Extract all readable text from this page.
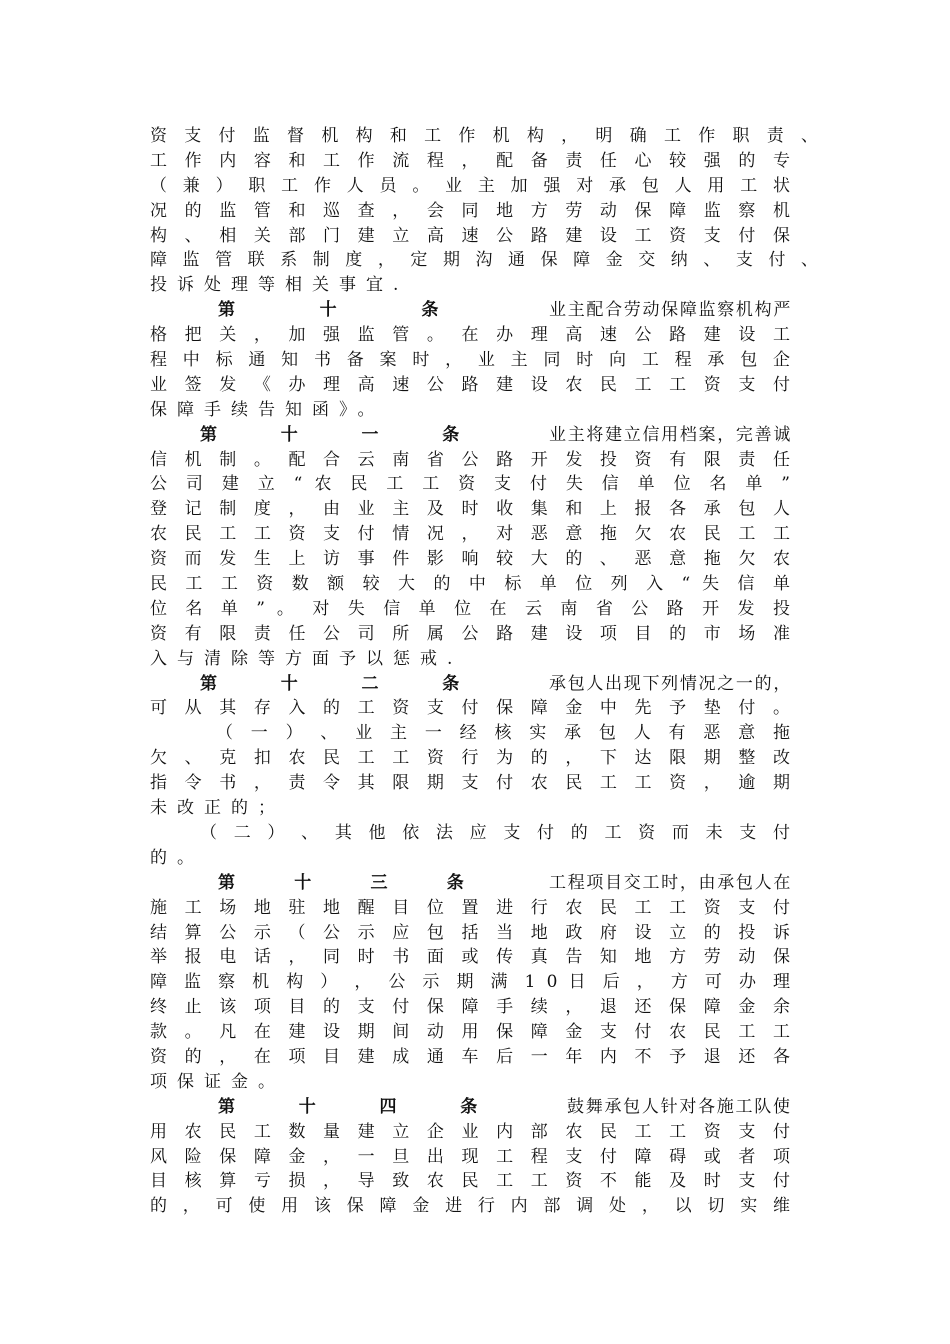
资 支 付 监 督 机 构 和 工 作 机 构 ， 明 确 工 作 职 责 、
工 作 内 容 和 工 作 流 程 ， 配 备 责 任 心 较 强 的 专
（ 兼 ） 职 工 作 人 员 。 业 主 加 强 对 承 包 人 用 工 状
况 的 监 管 和 巡 查 ， 会 同 地 方 劳 动 保 障 监 察 机
构 、 相 关 部 门 建 立 高 速 公 路 建 设 工 资 支 付 保
障 监 管 联 系 制 度 ， 定 期 沟 通 保 障 金 交 纳 、 支 付 、
投诉处理等相关事宜.
第十条 业 主 配 合 劳 动 保 障 监 察 机 构 严
格 把 关 ， 加 强 监 管 。 在 办 理 高 速 公 路 建 设 工
程 中 标 通 知 书 备 案 时 ， 业 主 同 时 向 工 程 承 包 企
业 签 发 《 办 理 高 速 公 路 建 设 农 民 工 工 资 支 付
保障手续告知函》。
第十一条 业 主 将 建 立 信 用 档 案 ， 完 善 诚
信 机 制 。 配 合 云 南 省 公 路 开 发 投 资 有 限 责 任
公 司 建 立 “ 农 民 工 工 资 支 付 失 信 单 位 名 单 ”
登 记 制 度 ， 由 业 主 及 时 收 集 和 上 报 各 承 包 人
农 民 工 工 资 支 付 情 况 ， 对 恶 意 拖 欠 农 民 工 工
资 而 发 生 上 访 事 件 影 响 较 大 的 、 恶 意 拖 欠 农
民 工 工 资 数 额 较 大 的 中 标 单 位 列 入 “ 失 信 单
位 名 单 ” 。 对 失 信 单 位 在 云 南 省 公 路 开 发 投
资 有 限 责 任 公 司 所 属 公 路 建 设 项 目 的 市 场 准
入与清除等方面予以惩戒.
第十二条 承 包 人 出 现 下 列 情 况 之 一 的 ，
可 从 其 存 入 的 工 资 支 付 保 障 金 中 先 予 垫 付 。
（ 一 ） 、 业 主 一 经 核 实 承 包 人 有 恶 意 拖
欠 、 克 扣 农 民 工 工 资 行 为 的 ， 下 达 限 期 整 改
指 令 书 ， 责 令 其 限 期 支 付 农 民 工 工 资 ， 逾 期
未改正的；
（ 二 ） 、 其 他 依 法 应 支 付 的 工 资 而 未 支 付
的。
第十三条 工 程 项 目 交 工 时 ， 由 承 包 人 在
施 工 场 地 驻 地 醒 目 位 置 进 行 农 民 工 工 资 支 付
结 算 公 示 （ 公 示 应 包 括 当 地 政 府 设 立 的 投 诉
举 报 电 话 ， 同 时 书 面 或 传 真 告 知 地 方 劳 动 保
障 监 察 机 构 ） ， 公 示 期 满 1 0 日 后 ， 方 可 办 理
终 止 该 项 目 的 支 付 保 障 手 续 ， 退 还 保 障 金 余
款 。 凡 在 建 设 期 间 动 用 保 障 金 支 付 农 民 工 工
资 的 ， 在 项 目 建 成 通 车 后 一 年 内 不 予 退 还 各
项保证金。
第十四条 鼓 舞 承 包 人 针 对 各 施 工 队 使
用 农 民 工 数 量 建 立 企 业 内 部 农 民 工 工 资 支 付
风 险 保 障 金 ， 一 旦 出 现 工 程 支 付 障 碍 或 者 项
目 核 算 亏 损 ， 导 致 农 民 工 工 资 不 能 及 时 支 付
的 ， 可 使 用 该 保 障 金 进 行 内 部 调 处 ， 以 切 实 维
